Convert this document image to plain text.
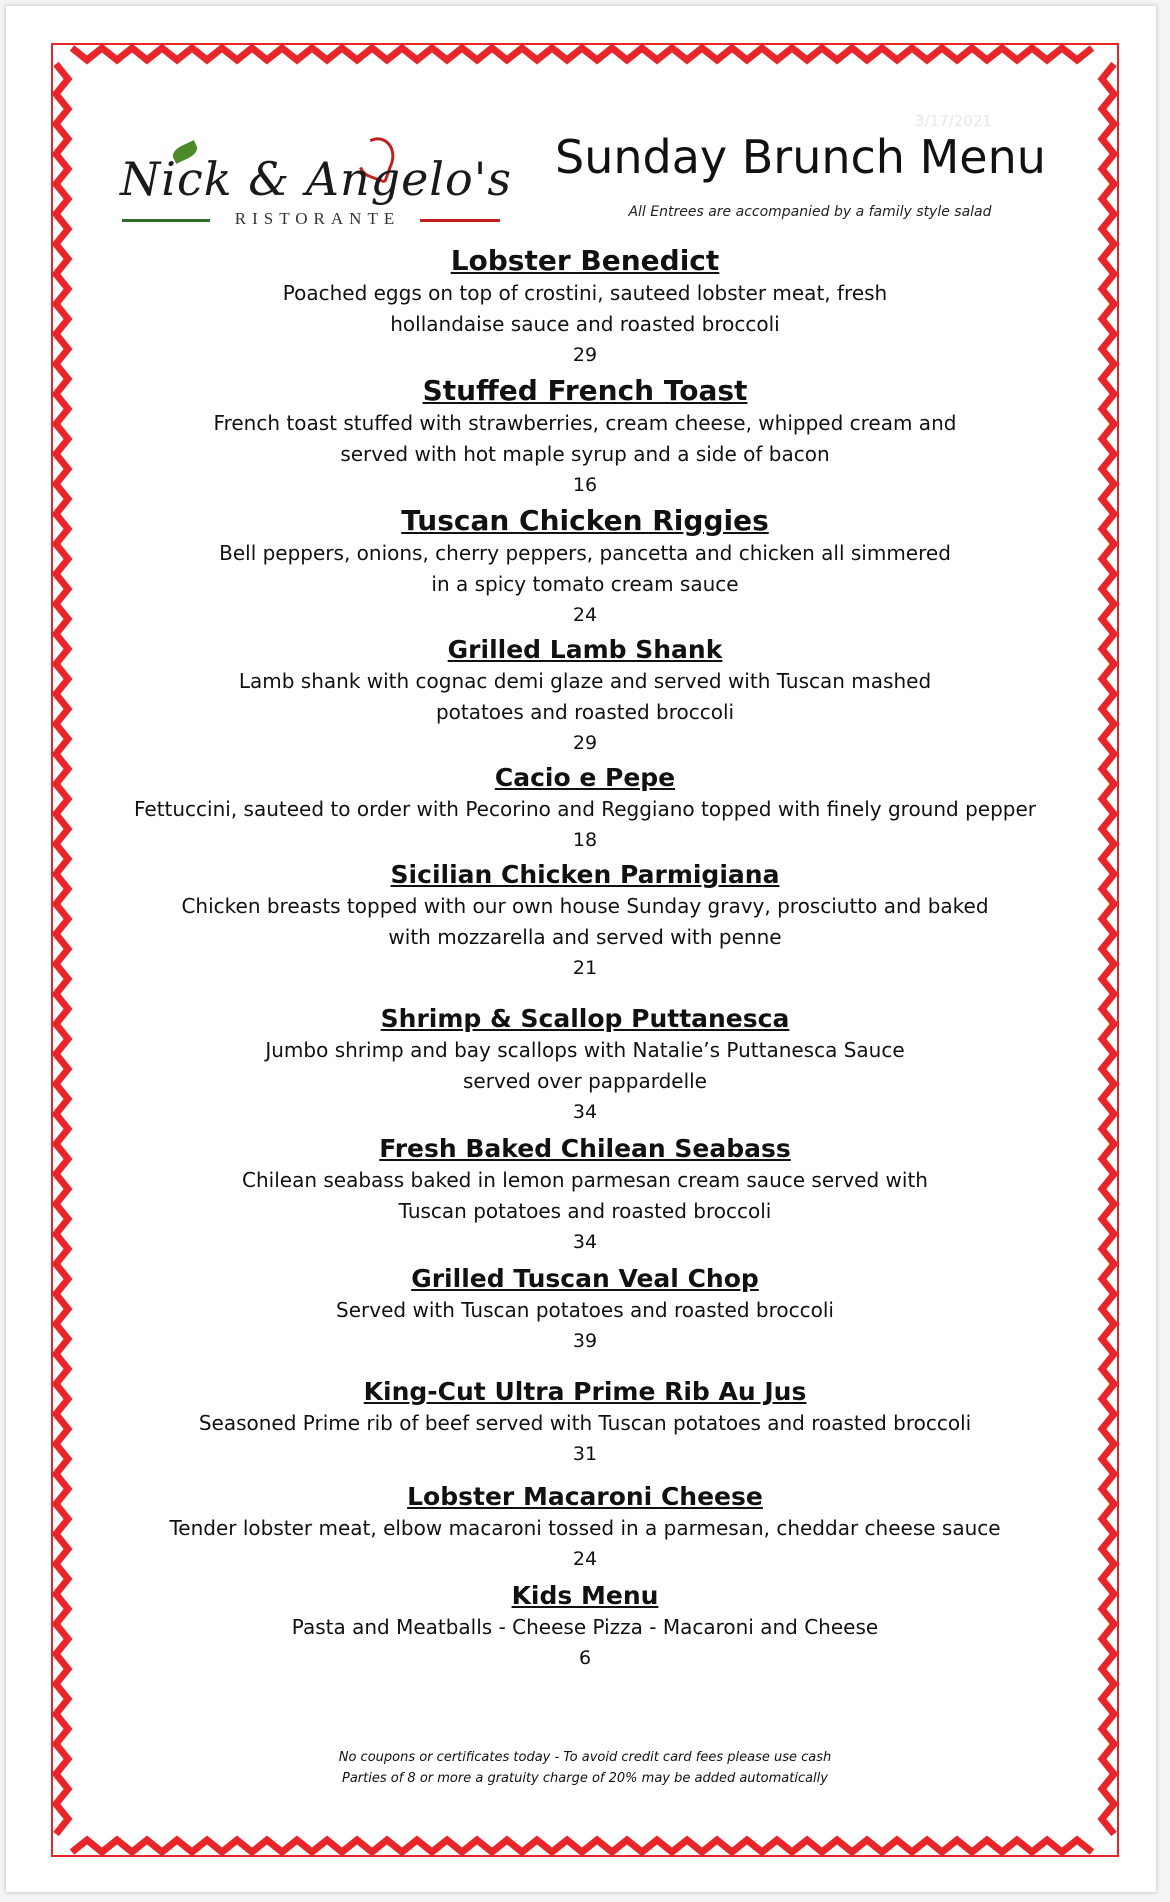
3/17/2021
Nick & Angelo's
RISTORANTE
Sunday Brunch Menu
All Entrees are accompanied by a family style salad
Lobster Benedict
Poached eggs on top of crostini, sauteed lobster meat, fresh
hollandaise sauce and roasted broccoli
29
Stuffed French Toast
French toast stuffed with strawberries, cream cheese, whipped cream and
served with hot maple syrup and a side of bacon
16
Tuscan Chicken Riggies
Bell peppers, onions, cherry peppers, pancetta and chicken all simmered
in a spicy tomato cream sauce
24
Grilled Lamb Shank
Lamb shank with cognac demi glaze and served with Tuscan mashed
potatoes and roasted broccoli
29
Cacio e Pepe
Fettuccini, sauteed to order with Pecorino and Reggiano topped with finely ground pepper
18
Sicilian Chicken Parmigiana
Chicken breasts topped with our own house Sunday gravy, prosciutto and baked
with mozzarella and served with penne
21
Shrimp & Scallop Puttanesca
Jumbo shrimp and bay scallops with Natalie’s Puttanesca Sauce
served over pappardelle
34
Fresh Baked Chilean Seabass
Chilean seabass baked in lemon parmesan cream sauce served with
Tuscan potatoes and roasted broccoli
34
Grilled Tuscan Veal Chop
Served with Tuscan potatoes and roasted broccoli
39
King-Cut Ultra Prime Rib Au Jus
Seasoned Prime rib of beef served with Tuscan potatoes and roasted broccoli
31
Lobster Macaroni Cheese
Tender lobster meat, elbow macaroni tossed in a parmesan, cheddar cheese sauce
24
Kids Menu
Pasta and Meatballs - Cheese Pizza - Macaroni and Cheese
6
No coupons or certificates today - To avoid credit card fees please use cash
Parties of 8 or more a gratuity charge of 20% may be added automatically
